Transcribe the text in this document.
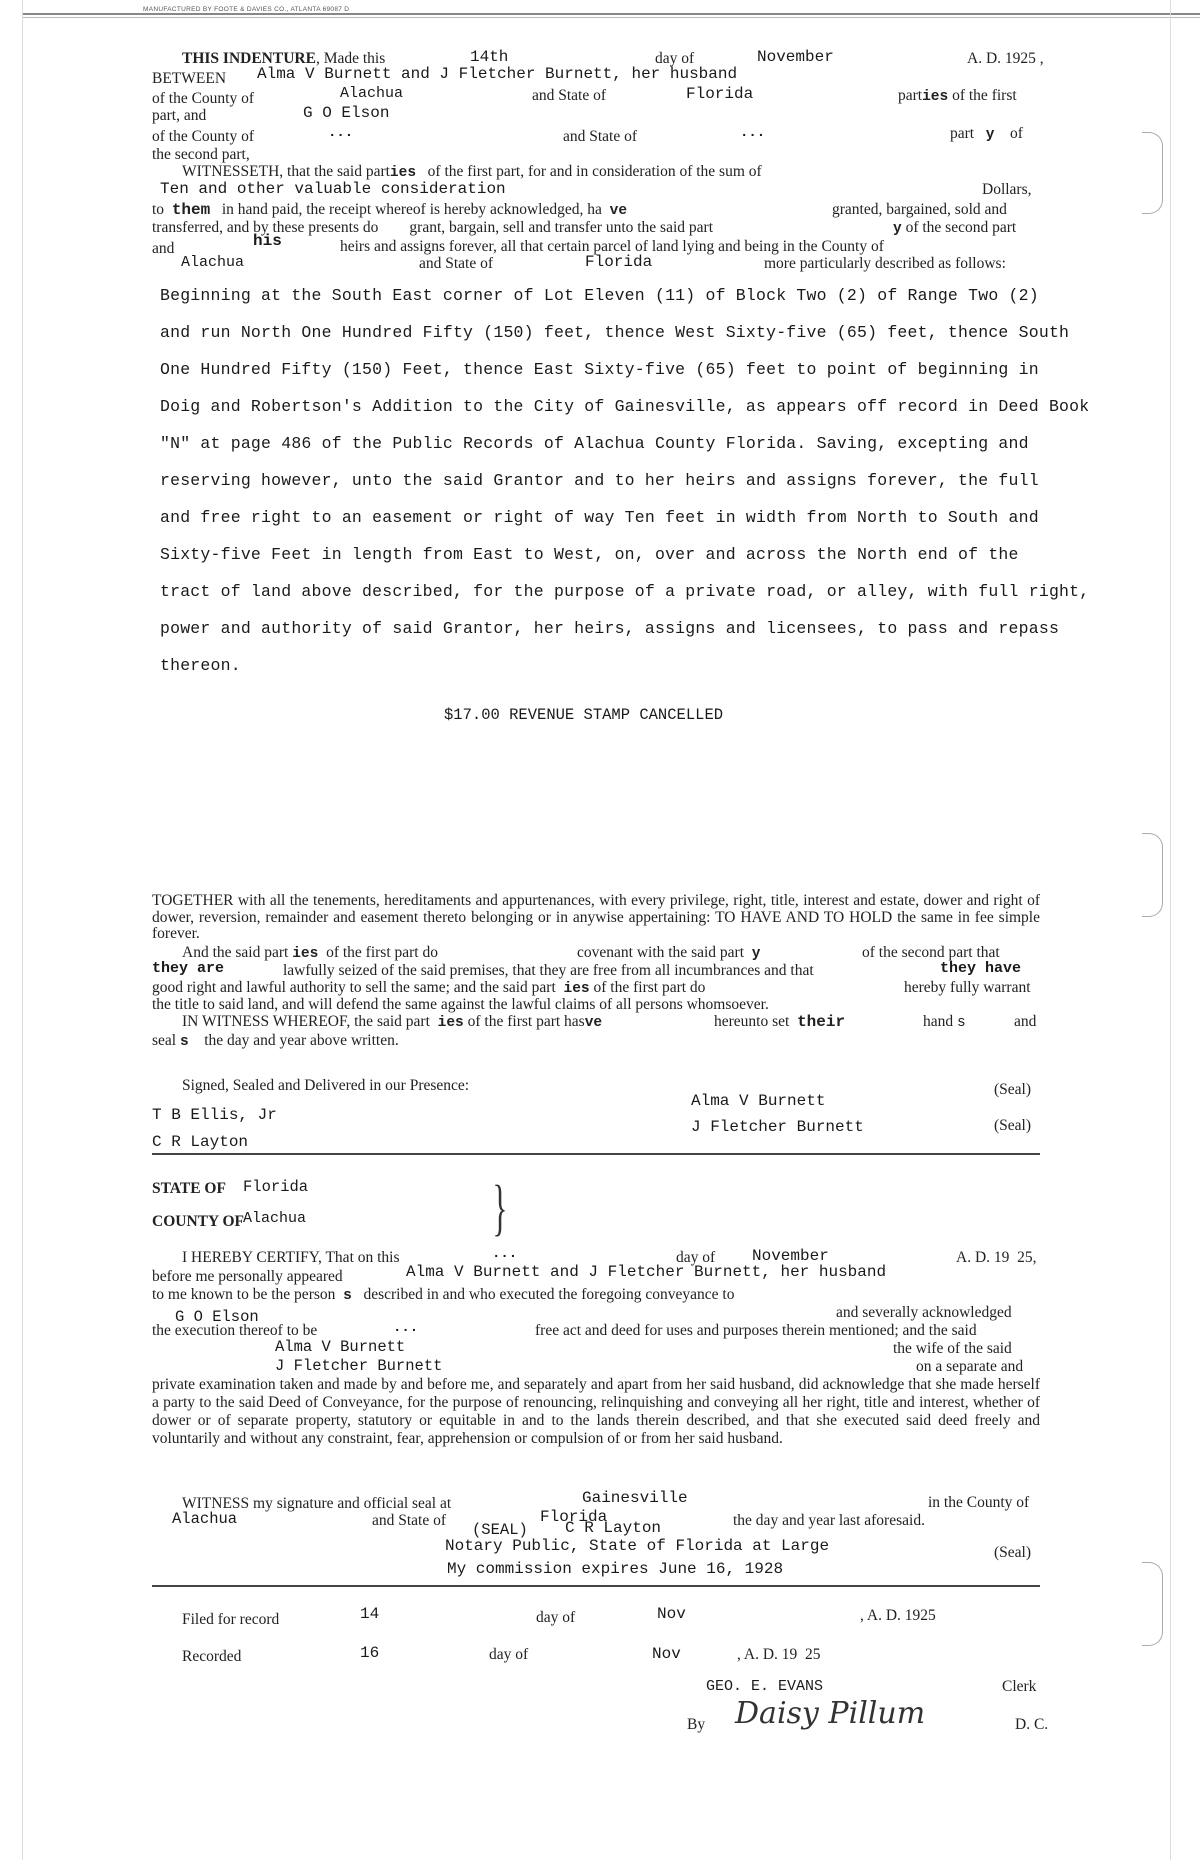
MANUFACTURED BY FOOTE & DAVIES CO., ATLANTA 69087 D
THIS INDENTURE, Made this	14th	day of	November	A. D. 1925 ,
BETWEEN Alma V Burnett and J Fletcher Burnett, her husband
of the County of	Alachua	and State of	Florida	parties of the first
part, and	G O Elson
of the County of	...	and State of	...	part y of
the second part,
WITNESSETH, that the said parties of the first part, for and in consideration of the sum of
Ten and other valuable consideration	Dollars,
to them in hand paid, the receipt whereof is hereby acknowledged, ha ve	granted, bargained, sold and
transferred, and by these presents do grant, bargain, sell and transfer unto the said part	y of the second part
and	his	heirs and assigns forever, all that certain parcel of land lying and being in the County of
Alachua	and State of	Florida	more particularly described as follows:
Beginning at the South East corner of Lot Eleven (11) of Block Two (2) of Range Two (2)
and run North One Hundred Fifty (150) feet, thence West Sixty-five (65) feet, thence South
One Hundred Fifty (150) Feet, thence East Sixty-five (65) feet to point of beginning in
Doig and Robertson's Addition to the City of Gainesville, as appears off record in Deed Book
"N" at page 486 of the Public Records of Alachua County Florida. Saving, excepting and
reserving however, unto the said Grantor and to her heirs and assigns forever, the full
and free right to an easement or right of way Ten feet in width from North to South and
Sixty-five Feet in length from East to West, on, over and across the North end of the
tract of land above described, for the purpose of a private road, or alley, with full right,
power and authority of said Grantor, her heirs, assigns and licensees, to pass and repass
thereon.
$17.00 REVENUE STAMP CANCELLED
TOGETHER with all the tenements, hereditaments and appurtenances, with every privilege, right, title, interest and estate, dower and right of dower, reversion, remainder and easement thereto belonging or in anywise appertaining: TO HAVE AND TO HOLD the same in fee simple forever.
And the said part ies of the first part do	covenant with the said part y	of the second part that
they are	lawfully seized of the said premises, that they are free from all incumbrances and that	they have
good right and lawful authority to sell the same; and the said part ies of the first part do	hereby fully warrant
the title to said land, and will defend the same against the lawful claims of all persons whomsoever.
IN WITNESS WHEREOF, the said part ies of the first part hasve	hereunto set their	hand s	and
seal s the day and year above written.
Signed, Sealed and Delivered in our Presence:
T B Ellis, Jr
C R Layton
Alma V Burnett
J Fletcher Burnett
(Seal)
(Seal)
STATE OF Florida
COUNTY OF Alachua	}
I HEREBY CERTIFY, That on this	...	day of November	A. D. 19 25,
before me personally appeared	Alma V Burnett and J Fletcher Burnett, her husband
to me known to be the person s described in and who executed the foregoing conveyance to
and severally acknowledged
G O Elson
the execution thereof to be	...	free act and deed for uses and purposes therein mentioned; and the said
Alma V Burnett	the wife of the said
J Fletcher Burnett	on a separate and
private examination taken and made by and before me, and separately and apart from her said husband, did acknowledge that she made herself a party to the said Deed of Conveyance, for the purpose of renouncing, relinquishing and conveying all her right, title and interest, whether of dower or of separate property, statutory or equitable in and to the lands therein described, and that she executed said deed freely and voluntarily and without any constraint, fear, apprehension or compulsion of or from her said husband.
WITNESS my signature and official seal at	Gainesville	in the County of
Alachua	and State of	Florida	the day and year last aforesaid.
(SEAL) C R Layton
Notary Public, State of Florida at Large
My commission expires June 16, 1928
(Seal)
Filed for record	14	day of	Nov	, A. D. 1925
Recorded	16	day of	Nov	, A. D. 19 25
GEO. E. EVANS	Clerk
By Daisy Pillum	D. C.
